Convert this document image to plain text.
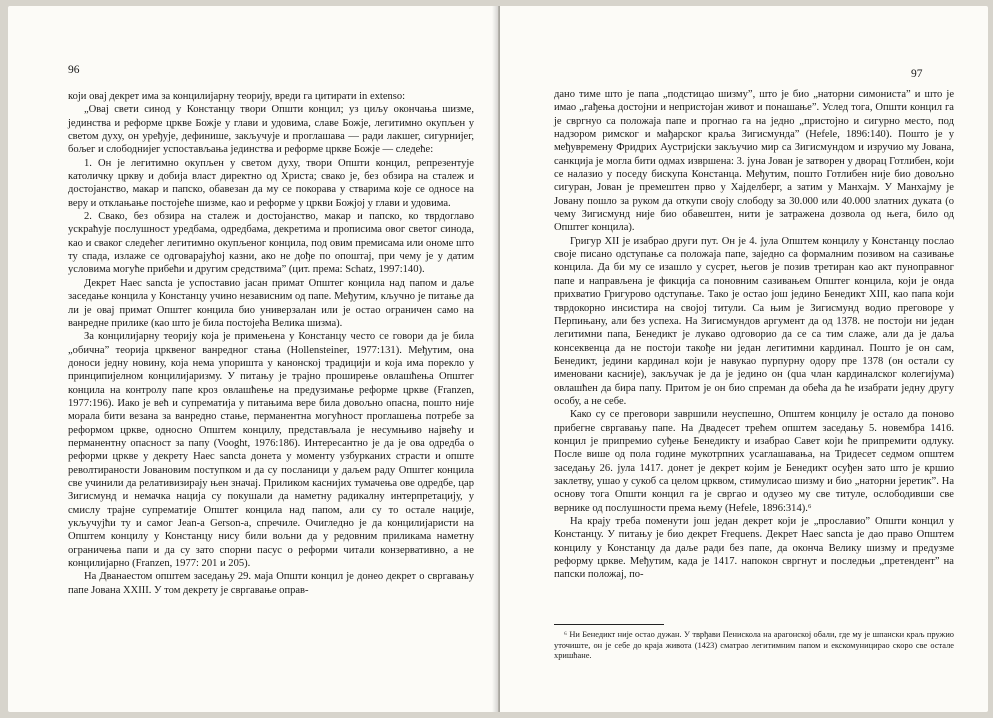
96

који овај декрет има за концилијарну теорију, вреди га цитирати in extenso:

„Овај свети синод у Констанцу твори Општи концил; уз циљу окончања шизме, јединства и реформе цркве Божје у глави и удовима, славе Божје, легитимно окупљен у светом духу, он уређује, дефинише, закључује и проглашава — ради лакшег, сигурнијег, бољег и слободнијег успостављања јединства и реформе цркве Божје — следеће:

1. Он је легитимно окупљен у светом духу, твори Општи концил, репрезентује католичку цркву и добија власт директно од Христа; свако је, без обзира на сталеж и достојанство, макар и папско, обавезан да му се покорава у стварима које се односе на веру и отклањање постојеће шизме, као и реформе у цркви Божјој у глави и удовима.

2. Свако, без обзира на сталеж и достојанство, макар и папско, ко тврдоглаво ускраћује послушност уредбама, одредбама, декретима и прописима овог светог синода, као и сваког следећег легитимно окупљеног концила, под овим премисама или ономе што ту спада, излаже се одговарајућој казни, ако не дође по опоштај, при чему је у датим условима могуће прибећи и другим средствима” (цит. према: Schatz, 1997:140).

Декрет Haec sancta је успоставио јасан примат Општег концила над папом и даље заседање концила у Констанцу учино независним од папе. Међутим, кључно је питање да ли је овај примат Општег концила био универзалан или је остао ограничен само на ванредне прилике (као што је била постојећа Велика шизма).

За концилијарну теорију која је примењена у Констанцу често се говори да је била „обична” теорија црквеног ванредног стања (Hollensteiner, 1977:131). Међутим, она доноси једну новину, која нема упоришта у канонској традицији и која има порекло у принципијелном концилијаризму. У питању је трајно проширење овлашћења Општег концила на контролу папе кроз овлашћење на предузимање реформе цркве (Franzen, 1977:196). Иако је већ и супрематија у питањима вере била довољно опасна, пошто није морала бити везана за ванредно стање, перманентна могућност проглашења потребе за реформом цркве, односно Општем концилу, представљала је несумњиво највећу и перманентну опасност за папу (Vooght, 1976:186). Интересантно је да је ова одредба о реформи цркве у декрету Haec sancta донета у моменту узбурканих страсти и опште револтираности Јовановим поступком и да су посланици у даљем раду Општег концила све учинили да релативизирају њен значај. Приликом каснијих тумачења ове одредбе, цар Зигисмунд и немачка нација су покушали да наметну радикалну интерпретацију, у смислу трајне супрематије Општег концила над папом, али су то остале нације, укључујћи ту и самог Jean-a Gerson-a, спречиле. Очигледно је да концилијаристи на Општем концилу у Констанцу нису били вољни да у редовним приликама наметну ограничења папи и да су зато спорни пасус о реформи читали конзервативно, а не концилијарно (Franzen, 1977: 201 и 205).

На Дванаестом општем заседању 29. маја Општи концил је донео декрет о свргавању папе Јована XXIII. У том декрету је свргавање оправ-

97

дано тиме што је папа „подстицао шизму”, што је био „наторни симониста” и што је имао „гађења достојни и непристојан живот и понашање”. Услед тога, Општи концил га је свргнуо са положаја папе и прогнао га на једно „пристојно и сигурно место, под надзором римског и мађарског краља Зигисмунда” (Hefele, 1896:140). Пошто је у међувремену Фридрих Аустријски закључио мир са Зигисмундом и изручио му Јована, санкција је могла бити одмах извршена: 3. јуна Јован је затворен у дворац Готлибен, који се налазио у поседу бискупа Констанца. Међутим, пошто Готлибен није био довољно сигуран, Јован је премештен прво у Хајделберг, а затим у Манхајм. У Манхајму је Јовану пошло за руком да откупи своју слободу за 30.000 или 40.000 златних дуката (о чему Зигисмунд није био обавештен, нити је затражена дозвола од њега, било од Општег концила).

Григур XII је изабрао други пут. Он је 4. јула Општем концилу у Констанцу послао своје писано одступање са положаја папе, заједно са формалним позивом на сазивање концила. Да би му се изашло у сусрет, његов је позив третиран као акт пуноправног папе и направљена је фикција са поновним сазивањем Општег концила, који је онда прихватио Григурово одступање. Тако је остао још једино Бенедикт XIII, као папа који тврдокорно инсистира на својој титули. Са њим је Зигисмунд водио преговоре у Перпињану, али без успеха. На Зигисмундов аргумент да од 1378. не постоји ни један легитимни папа, Бенедикт је лукаво одговорио да се са тим слаже, али да је даља консеквенца да не постоји такође ни један легитимни кардинал. Пошто је он сам, Бенедикт, једини кардинал који је навукао пурпурну одору пре 1378 (он остали су именовани касније), закључак је да је једино он (qua члан кардиналског колегијума) овлашћен да бира папу. Притом је он био спреман да обећа да ће изабрати једну другу особу, а не себе.

Како су се преговори завршили неуспешно, Општем концилу је остало да поново прибегне свргавању папе. На Двадесет трећем општем заседању 5. новембра 1416. концил је припремио суђење Бенедикту и изабрао Савет који ће припремити одлуку. После више од пола године мукотрпних усаглашавања, на Тридесет седмом општем заседању 26. јула 1417. донет је декрет којим је Бенедикт осуђен зато што је кршио заклетву, ушао у сукоб са целом црквом, стимулисао шизму и био „наторни јеретик”. На основу тога Општи концил га је свргао и одузео му све титуле, ослободивши све вернике од послушности према њему (Hefele, 1896:314).⁶

На крају треба поменути још један декрет који је „прославио” Општи концил у Констанцу. У питању је био декрет Frequens. Декрет Haec sancta је дао право Општем концилу у Констанцу да даље ради без папе, да оконча Велику шизму и предузме реформу цркве. Међутим, када је 1417. напокон свргнут и последњи „претендент” на папски положај, по-

⁶ Ни Бенедикт није остао дужан. У тврђави Пенискола на арагонској обали, где му је шпански краљ пружио уточиште, он је себе до краја живота (1423) сматрао легитимним папом и екскомуницирао скоро све остале хришћане.
